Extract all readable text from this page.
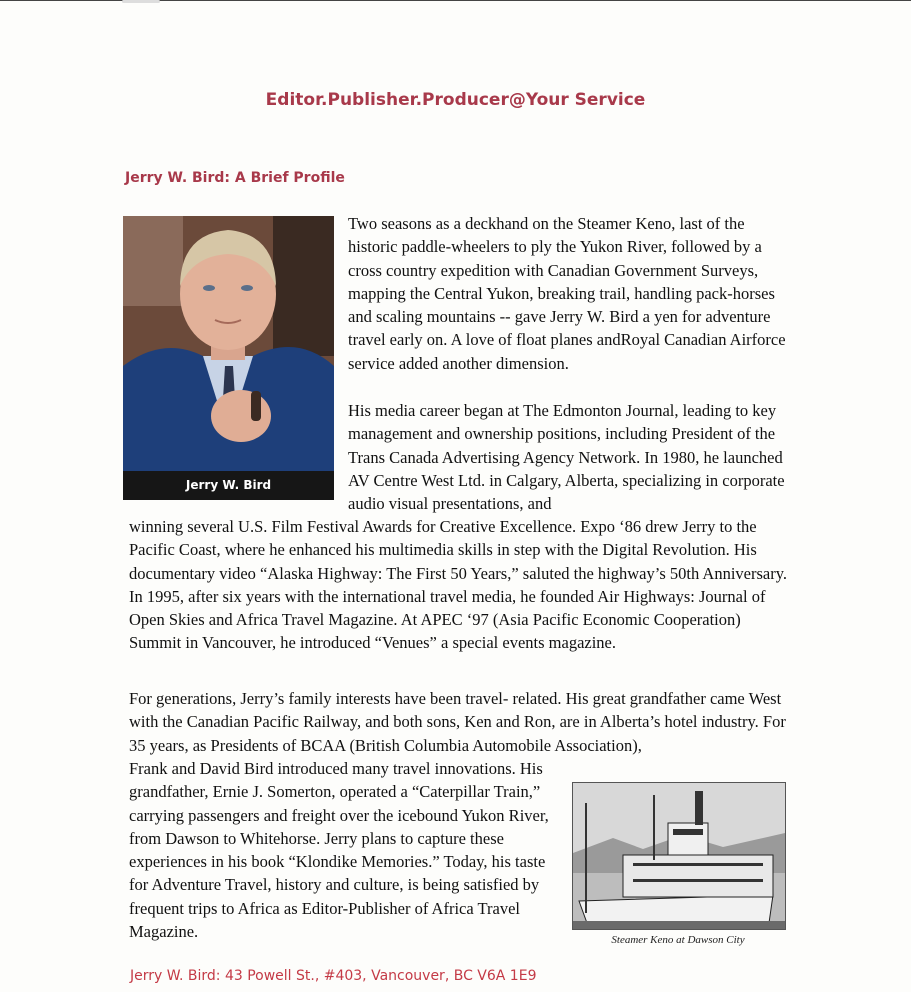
Editor.Publisher.Producer@Your Service
Jerry W. Bird: A Brief Profile
Jerry W. Bird
Two seasons as a deckhand on the Steamer Keno, last of the historic paddle-wheelers to ply the Yukon River, followed by a cross country expedition with Canadian Government Surveys, mapping the Central Yukon, breaking trail, handling pack-horses and scaling mountains -- gave Jerry W. Bird a yen for adventure travel early on. A love of float planes andRoyal Canadian Airforce service added another dimension.
His media career began at The Edmonton Journal, leading to key management and ownership positions, including President of the Trans Canada Advertising Agency Network. In 1980, he launched AV Centre West Ltd. in Calgary, Alberta, specializing in corporate audio visual presentations, and
winning several U.S. Film Festival Awards for Creative Excellence. Expo ‘86 drew Jerry to the Pacific Coast, where he enhanced his multimedia skills in step with the Digital Revolution. His documentary video “Alaska Highway: The First 50 Years,” saluted the highway’s 50th Anniversary. In 1995, after six years with the international travel media, he founded Air Highways: Journal of Open Skies and Africa Travel Magazine. At APEC ‘97 (Asia Pacific Economic Cooperation) Summit in Vancouver, he introduced “Venues” a special events magazine.
For generations, Jerry’s family interests have been travel- related. His great grandfather came West with the Canadian Pacific Railway, and both sons, Ken and Ron, are in Alberta’s hotel industry. For 35 years, as Presidents of BCAA (British Columbia Automobile Association),
Frank and David Bird introduced many travel innovations. His grandfather, Ernie J. Somerton, operated a “Caterpillar Train,” carrying passengers and freight over the icebound Yukon River, from Dawson to Whitehorse. Jerry plans to capture these experiences in his book “Klondike Memories.” Today, his taste for Adventure Travel, history and culture, is being satisfied by frequent trips to Africa as Editor-Publisher of Africa Travel Magazine.	Steamer Keno at Dawson City
Jerry W. Bird: 43 Powell St., #403, Vancouver, BC V6A 1E9
